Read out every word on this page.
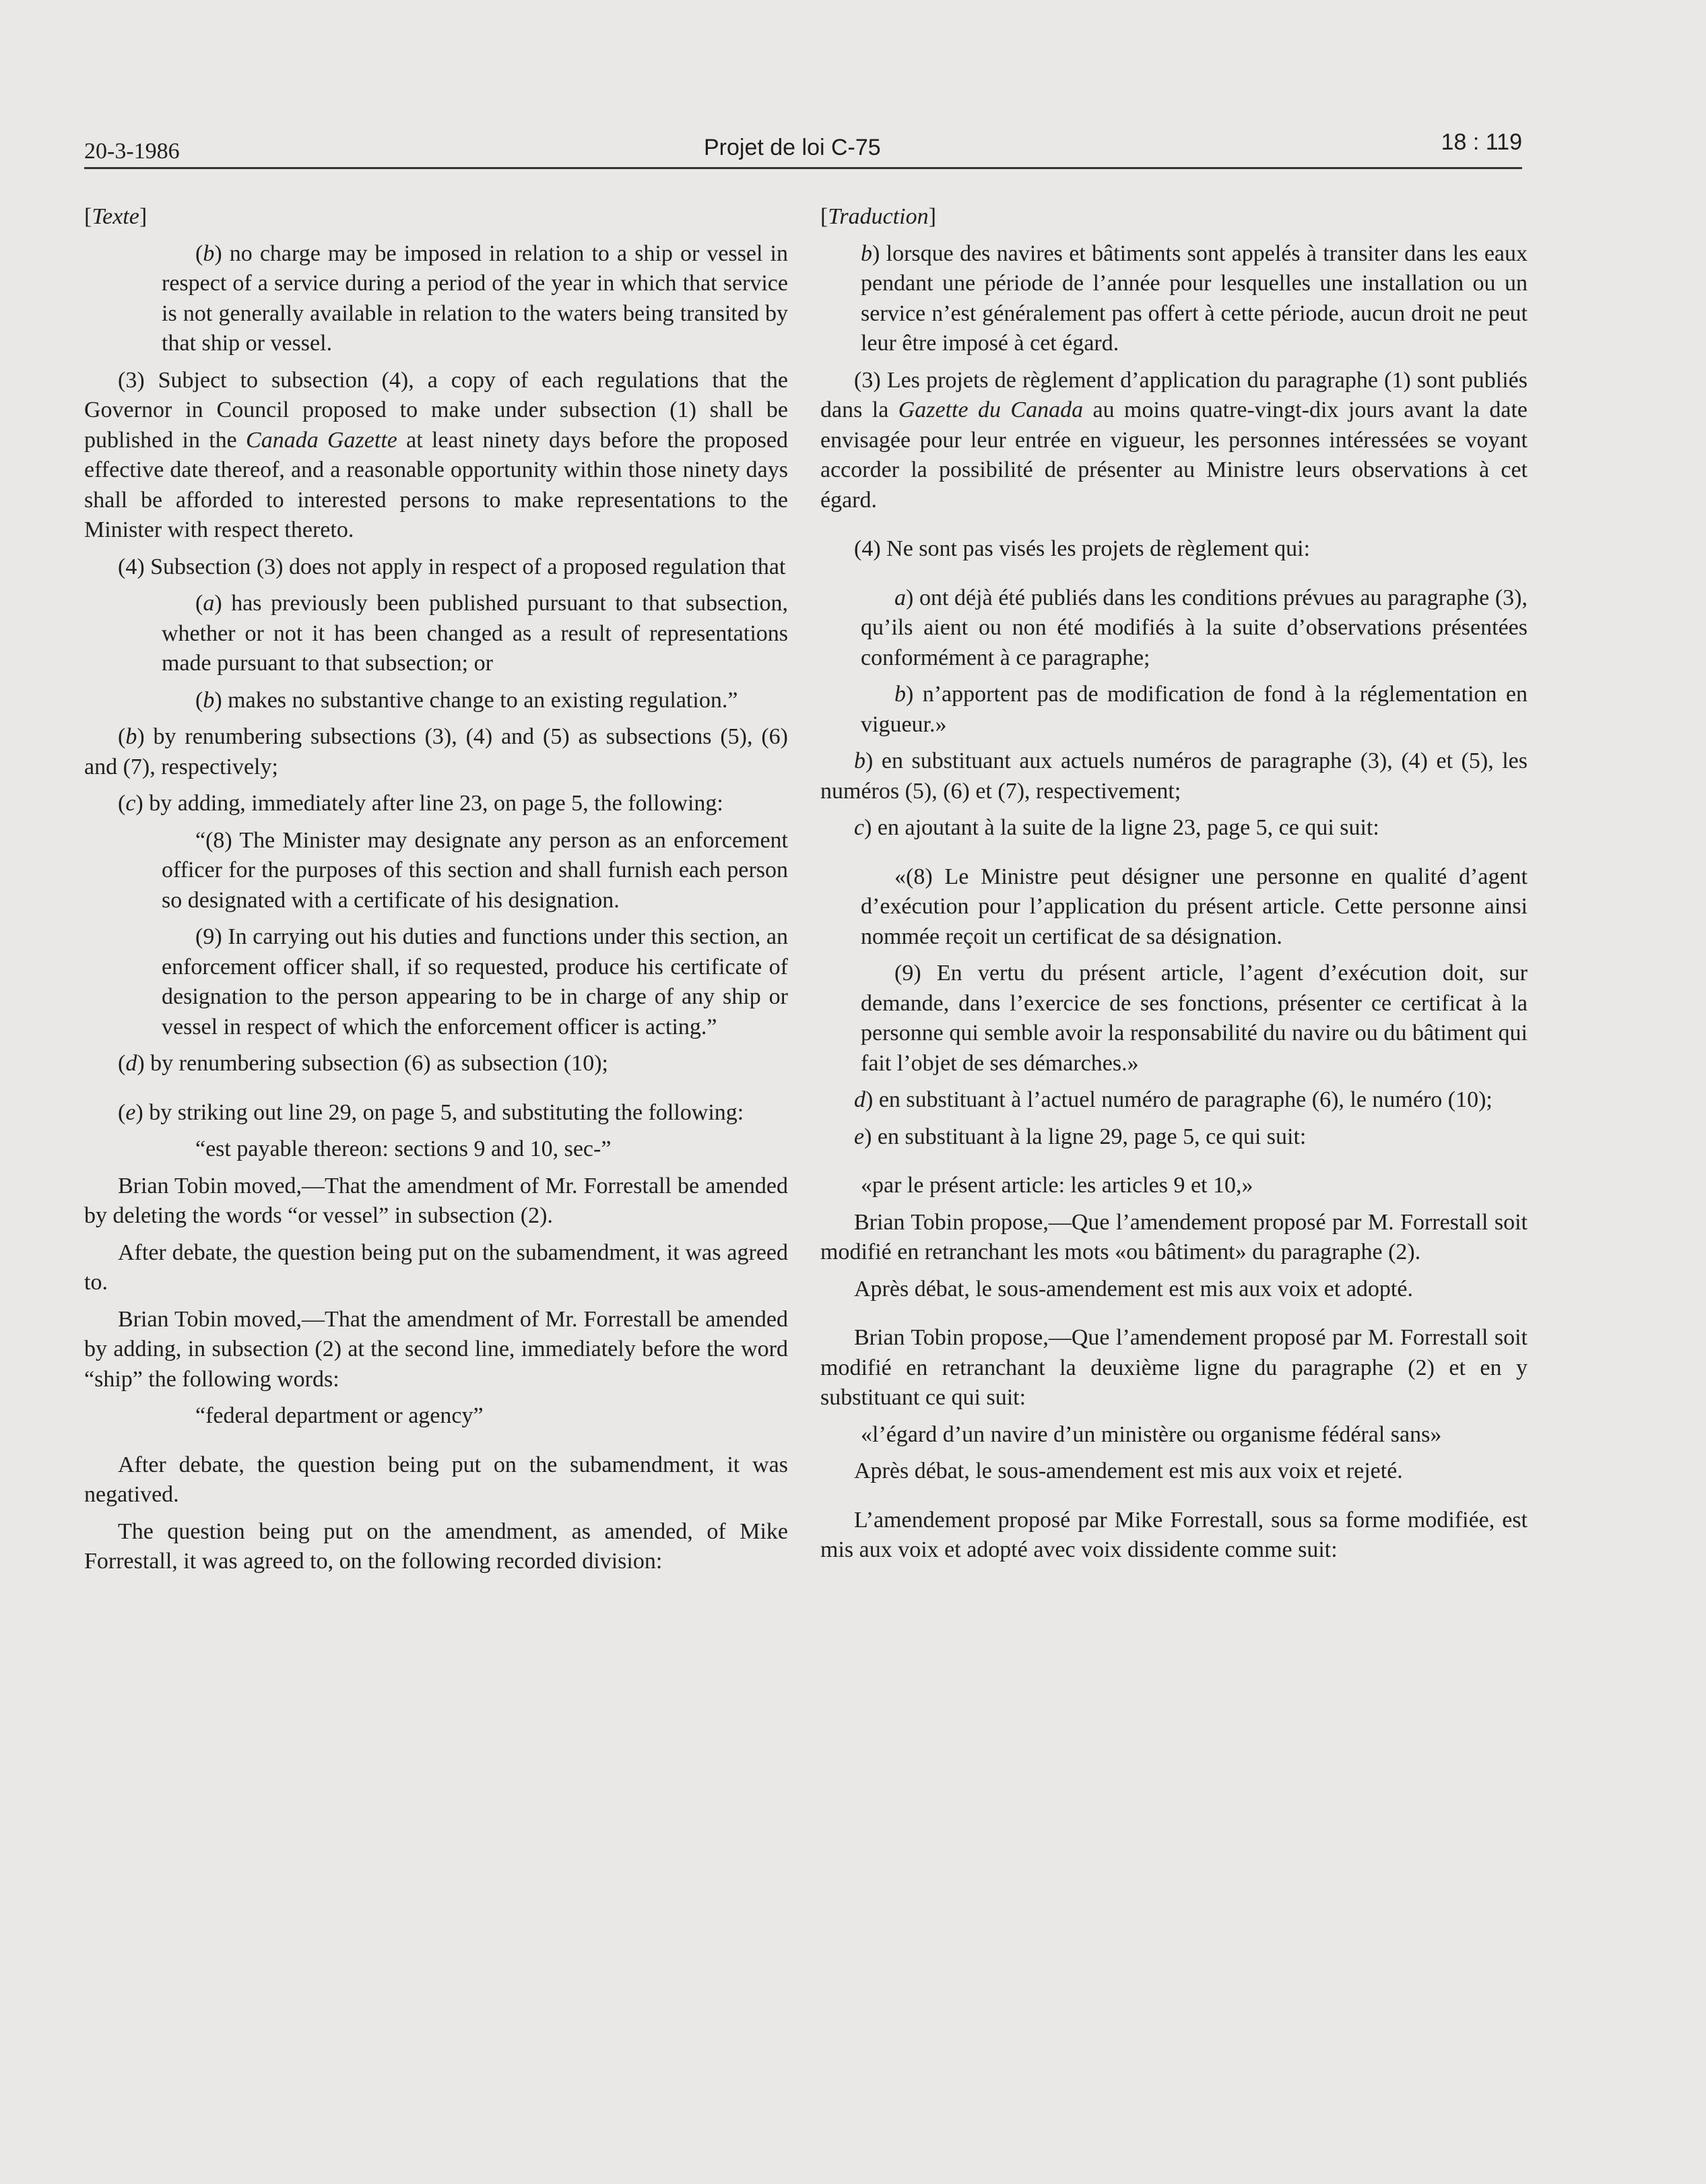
20-3-1986	Projet de loi C-75	18 : 119
[Texte]

(b) no charge may be imposed in relation to a ship or vessel in respect of a service during a period of the year in which that service is not generally available in relation to the waters being transited by that ship or vessel.

(3) Subject to subsection (4), a copy of each regulations that the Governor in Council proposed to make under subsection (1) shall be published in the Canada Gazette at least ninety days before the proposed effective date thereof, and a reasonable opportunity within those ninety days shall be afforded to interested persons to make representations to the Minister with respect thereto.

(4) Subsection (3) does not apply in respect of a proposed regulation that

(a) has previously been published pursuant to that subsection, whether or not it has been changed as a result of representations made pursuant to that subsection; or

(b) makes no substantive change to an existing regulation.”

(b) by renumbering subsections (3), (4) and (5) as subsections (5), (6) and (7), respectively;

(c) by adding, immediately after line 23, on page 5, the following:

“(8) The Minister may designate any person as an enforcement officer for the purposes of this section and shall furnish each person so designated with a certificate of his designation.

(9) In carrying out his duties and functions under this section, an enforcement officer shall, if so requested, produce his certificate of designation to the person appearing to be in charge of any ship or vessel in respect of which the enforcement officer is acting.”

(d) by renumbering subsection (6) as subsection (10);

(e) by striking out line 29, on page 5, and substituting the following:

“est payable thereon: sections 9 and 10, sec-”

Brian Tobin moved,—That the amendment of Mr. Forrestall be amended by deleting the words “or vessel” in subsection (2).

After debate, the question being put on the subamendment, it was agreed to.

Brian Tobin moved,—That the amendment of Mr. Forrestall be amended by adding, in subsection (2) at the second line, immediately before the word “ship” the following words:

“federal department or agency”

After debate, the question being put on the subamendment, it was negatived.

The question being put on the amendment, as amended, of Mike Forrestall, it was agreed to, on the following recorded division:

[Traduction]

b) lorsque des navires et bâtiments sont appelés à transiter dans les eaux pendant une période de l’année pour lesquelles une installation ou un service n’est généralement pas offert à cette période, aucun droit ne peut leur être imposé à cet égard.

(3) Les projets de règlement d’application du paragraphe (1) sont publiés dans la Gazette du Canada au moins quatre-vingt-dix jours avant la date envisagée pour leur entrée en vigueur, les personnes intéressées se voyant accorder la possibilité de présenter au Ministre leurs observations à cet égard.

(4) Ne sont pas visés les projets de règlement qui:

a) ont déjà été publiés dans les conditions prévues au paragraphe (3), qu’ils aient ou non été modifiés à la suite d’observations présentées conformément à ce paragraphe;

b) n’apportent pas de modification de fond à la réglementation en vigueur.»

b) en substituant aux actuels numéros de paragraphe (3), (4) et (5), les numéros (5), (6) et (7), respectivement;

c) en ajoutant à la suite de la ligne 23, page 5, ce qui suit:

«(8) Le Ministre peut désigner une personne en qualité d’agent d’exécution pour l’application du présent article. Cette personne ainsi nommée reçoit un certificat de sa désignation.

(9) En vertu du présent article, l’agent d’exécution doit, sur demande, dans l’exercice de ses fonctions, présenter ce certificat à la personne qui semble avoir la responsabilité du navire ou du bâtiment qui fait l’objet de ses démarches.»

d) en substituant à l’actuel numéro de paragraphe (6), le numéro (10);

e) en substituant à la ligne 29, page 5, ce qui suit:

«par le présent article: les articles 9 et 10,»

Brian Tobin propose,—Que l’amendement proposé par M. Forrestall soit modifié en retranchant les mots «ou bâtiment» du paragraphe (2).

Après débat, le sous-amendement est mis aux voix et adopté.

Brian Tobin propose,—Que l’amendement proposé par M. Forrestall soit modifié en retranchant la deuxième ligne du paragraphe (2) et en y substituant ce qui suit:

«l’égard d’un navire d’un ministère ou organisme fédéral sans»

Après débat, le sous-amendement est mis aux voix et rejeté.

L’amendement proposé par Mike Forrestall, sous sa forme modifiée, est mis aux voix et adopté avec voix dissidente comme suit:
